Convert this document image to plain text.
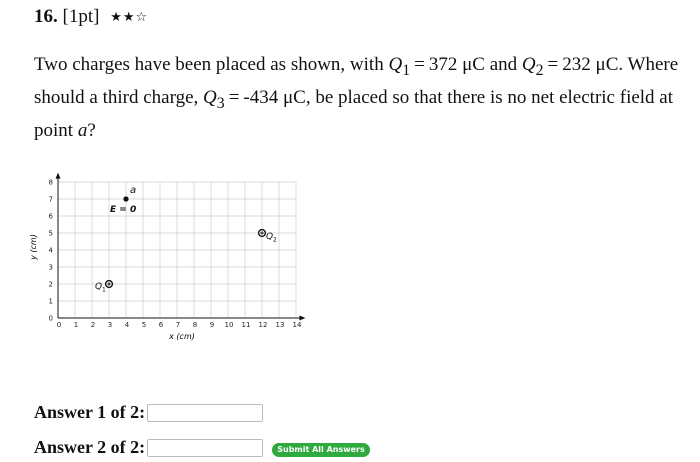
16. [1pt] ★★☆
Two charges have been placed as shown, with $Q_1 = 372$ μC and $Q_2 = 232$ μC. Where should a third charge, $Q_3 = -434$ μC, be placed so that there is no net electric field at point a?
0 1 2 3 4 5 6 7 8 9 10 11 12 13 14
0
1
2
3
4
5
6
7
8
Q 1
Q 2
a
E = 0
x (cm)
y (cm)
Answer 1 of 2:
Answer 2 of 2:	Submit All Answers
